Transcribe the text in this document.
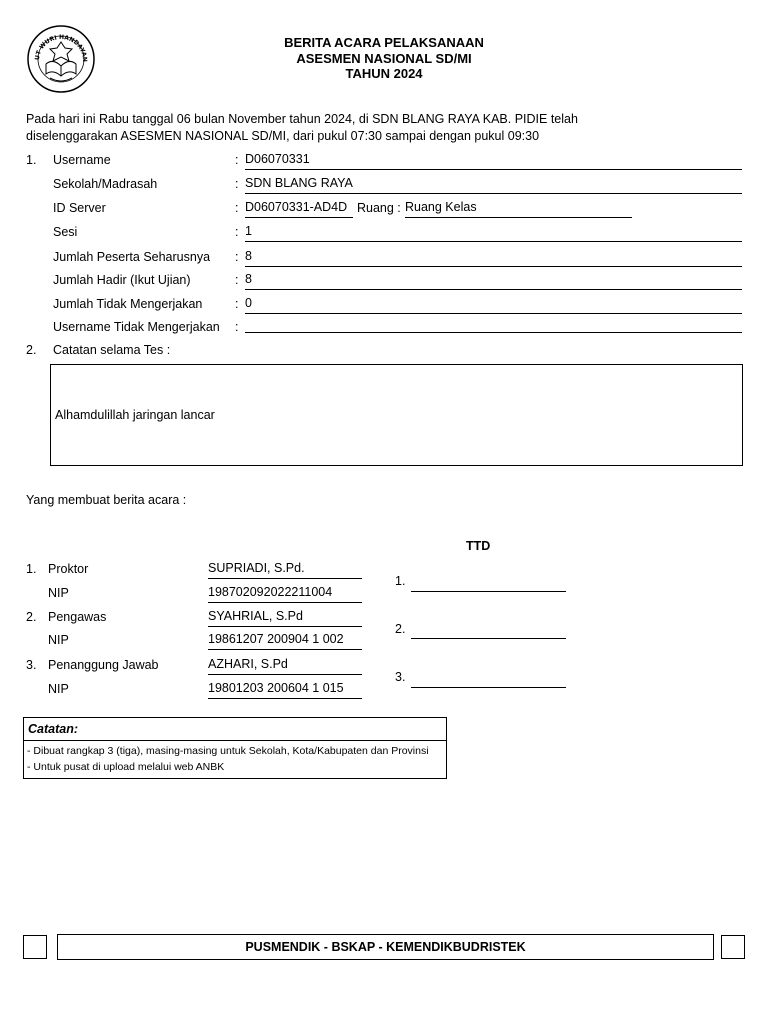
UT WURI HANDAYAN
BERITA ACARA PELAKSANAAN
ASESMEN NASIONAL SD/MI
TAHUN 2024
Pada hari ini Rabu tanggal 06 bulan November tahun 2024, di SDN BLANG RAYA KAB. PIDIE telah
diselenggarakan ASESMEN NASIONAL SD/MI, dari pukul 07:30 sampai dengan pukul 09:30
1. Username	: D06070331
Sekolah/Madrasah	: SDN BLANG RAYA
ID Server	: D06070331-AD4D Ruang : Ruang Kelas
Sesi	: 1
Jumlah Peserta Seharusnya : 8
Jumlah Hadir (Ikut Ujian)	: 8
Jumlah Tidak Mengerjakan	: 0
Username Tidak Mengerjakan :
2. Catatan selama Tes :
Alhamdulillah jaringan lancar
Yang membuat berita acara :
TTD
1. Proktor	SUPRIADI, S.Pd.
NIP	198702092022211004
1.
2. Pengawas	SYAHRIAL, S.Pd
NIP	19861207 200904 1 002
2.
3. Penanggung Jawab	AZHARI, S.Pd
NIP	19801203 200604 1 015
3.
Catatan:
- Dibuat rangkap 3 (tiga), masing-masing untuk Sekolah, Kota/Kabupaten dan Provinsi
- Untuk pusat di upload melalui web ANBK
PUSMENDIK - BSKAP - KEMENDIKBUDRISTEK
